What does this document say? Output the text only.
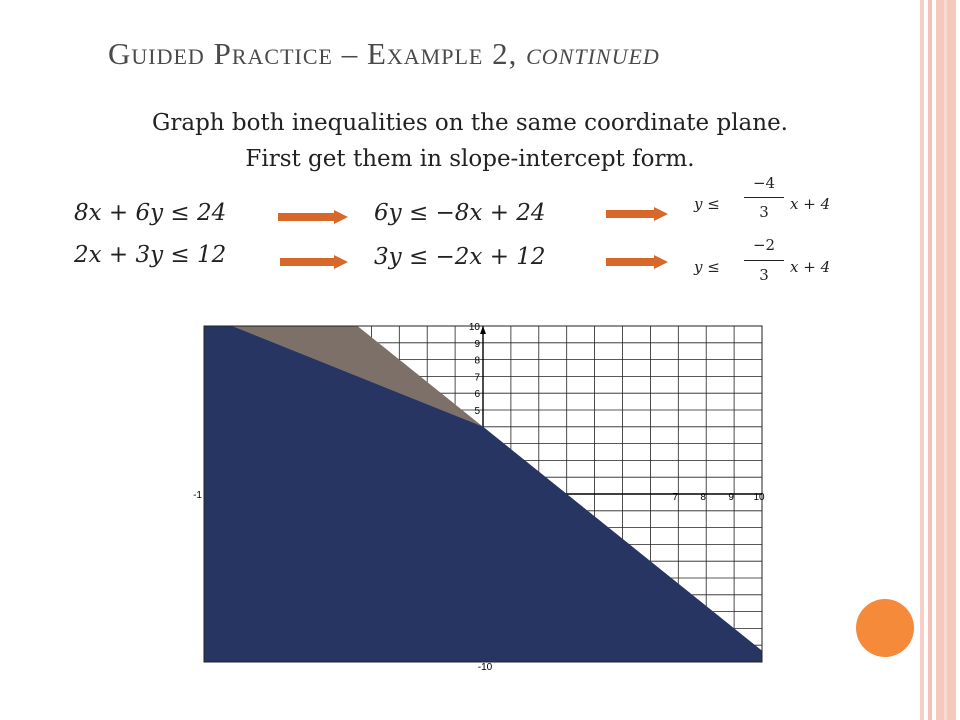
Guided Practice – Example 2, continued
Graph both inequalities on the same coordinate plane.
First get them in slope-intercept form.
8x + 6y ≤ 24
2x + 3y ≤ 12
6y ≤ −8x + 24
3y ≤ −2x + 12
y ≤
−4
3	x + 4
y ≤
−2
3	x + 4
10
9
8
7
6
5
7 8 9 10
-1
-10
